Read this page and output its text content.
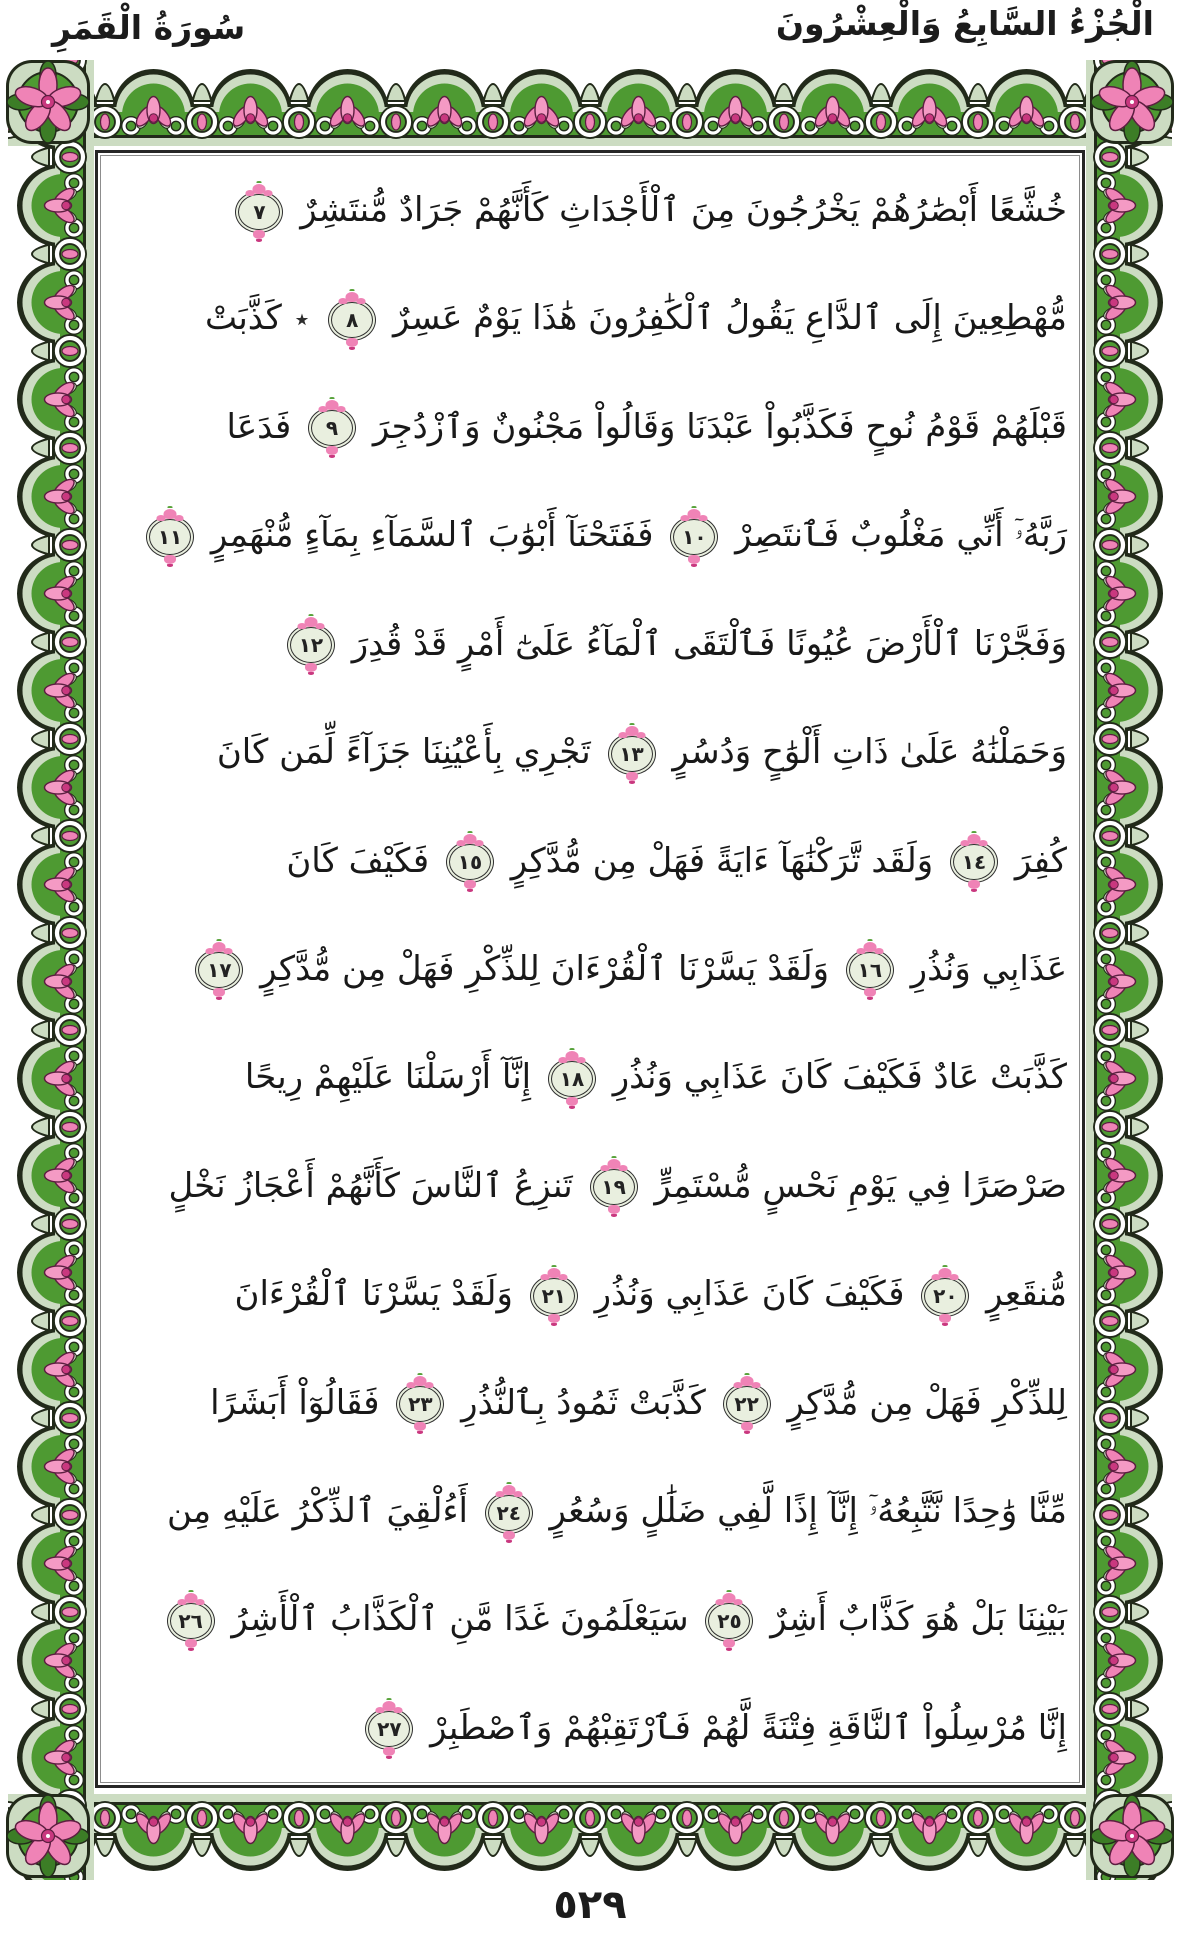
الْجُزْءُ السَّابِعُ وَالْعِشْرُونَ
سُورَةُ الْقَمَرِ
خُشَّعًا أَبْصَٰرُهُمْ يَخْرُجُونَ مِنَ ٱلْأَجْدَاثِ كَأَنَّهُمْ جَرَادٌ مُّنتَشِرٌ
٧
مُّهْطِعِينَ إِلَى ٱلدَّاعِ يَقُولُ ٱلْكَٰفِرُونَ هَٰذَا يَوْمٌ عَسِرٌ
٨
٭ كَذَّبَتْ
قَبْلَهُمْ قَوْمُ نُوحٍ فَكَذَّبُواْ عَبْدَنَا وَقَالُواْ مَجْنُونٌ وَٱزْدُجِرَ
٩
فَدَعَا
رَبَّهُۥٓ أَنِّي مَغْلُوبٌ فَٱنتَصِرْ
١٠
فَفَتَحْنَآ أَبْوَٰبَ ٱلسَّمَآءِ بِمَآءٍ مُّنْهَمِرٍ
١١
وَفَجَّرْنَا ٱلْأَرْضَ عُيُونًا فَٱلْتَقَى ٱلْمَآءُ عَلَىٰٓ أَمْرٍ قَدْ قُدِرَ
١٢
وَحَمَلْنَٰهُ عَلَىٰ ذَاتِ أَلْوَٰحٍ وَدُسُرٍ
١٣
تَجْرِي بِأَعْيُنِنَا جَزَآءً لِّمَن كَانَ
كُفِرَ
١٤
وَلَقَد تَّرَكْنَٰهَآ ءَايَةً فَهَلْ مِن مُّدَّكِرٍ
١٥
فَكَيْفَ كَانَ
عَذَابِي وَنُذُرِ
١٦
وَلَقَدْ يَسَّرْنَا ٱلْقُرْءَانَ لِلذِّكْرِ فَهَلْ مِن مُّدَّكِرٍ
١٧
كَذَّبَتْ عَادٌ فَكَيْفَ كَانَ عَذَابِي وَنُذُرِ
١٨
إِنَّآ أَرْسَلْنَا عَلَيْهِمْ رِيحًا
صَرْصَرًا فِي يَوْمِ نَحْسٍ مُّسْتَمِرٍّ
١٩
تَنزِعُ ٱلنَّاسَ كَأَنَّهُمْ أَعْجَازُ نَخْلٍ
مُّنقَعِرٍ
٢٠
فَكَيْفَ كَانَ عَذَابِي وَنُذُرِ
٢١
وَلَقَدْ يَسَّرْنَا ٱلْقُرْءَانَ
لِلذِّكْرِ فَهَلْ مِن مُّدَّكِرٍ
٢٢
كَذَّبَتْ ثَمُودُ بِٱلنُّذُرِ
٢٣
فَقَالُوٓاْ أَبَشَرًا
مِّنَّا وَٰحِدًا نَّتَّبِعُهُۥٓ إِنَّآ إِذًا لَّفِي ضَلَٰلٍ وَسُعُرٍ
٢٤
أَءُلْقِيَ ٱلذِّكْرُ عَلَيْهِ مِن
بَيْنِنَا بَلْ هُوَ كَذَّابٌ أَشِرٌ
٢٥
سَيَعْلَمُونَ غَدًا مَّنِ ٱلْكَذَّابُ ٱلْأَشِرُ
٢٦
إِنَّا مُرْسِلُواْ ٱلنَّاقَةِ فِتْنَةً لَّهُمْ فَٱرْتَقِبْهُمْ وَٱصْطَبِرْ
٢٧
٥٢٩
